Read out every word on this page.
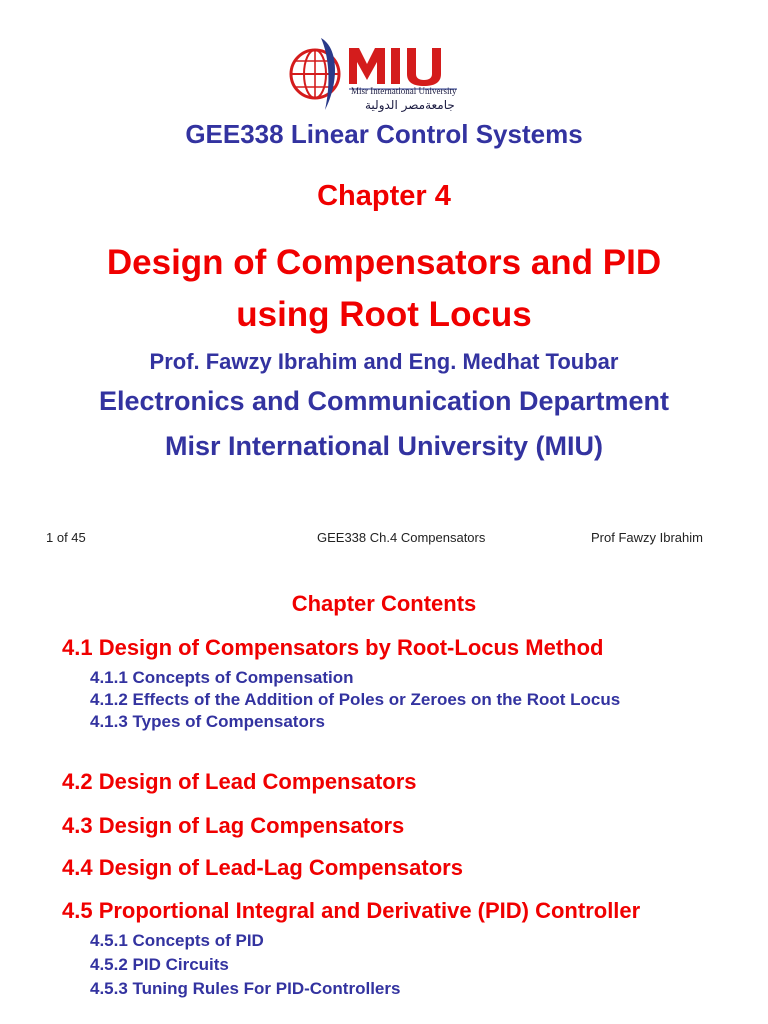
Misr International University
جامعةمصر الدولية
GEE338 Linear Control Systems
Chapter 4
Design of Compensators and PID
using Root Locus
Prof. Fawzy Ibrahim and Eng. Medhat Toubar
Electronics and Communication Department
Misr International University (MIU)
1 of 45	GEE338 Ch.4 Compensators	Prof Fawzy Ibrahim
Chapter Contents
4.1 Design of Compensators by Root-Locus Method
4.1.1 Concepts of Compensation
4.1.2 Effects of the Addition of Poles or Zeroes on the Root Locus
4.1.3 Types of Compensators
4.2 Design of Lead Compensators
4.3 Design of Lag Compensators
4.4 Design of Lead-Lag Compensators
4.5 Proportional Integral and Derivative (PID) Controller
4.5.1 Concepts of PID
4.5.2 PID Circuits
4.5.3 Tuning Rules For PID-Controllers
